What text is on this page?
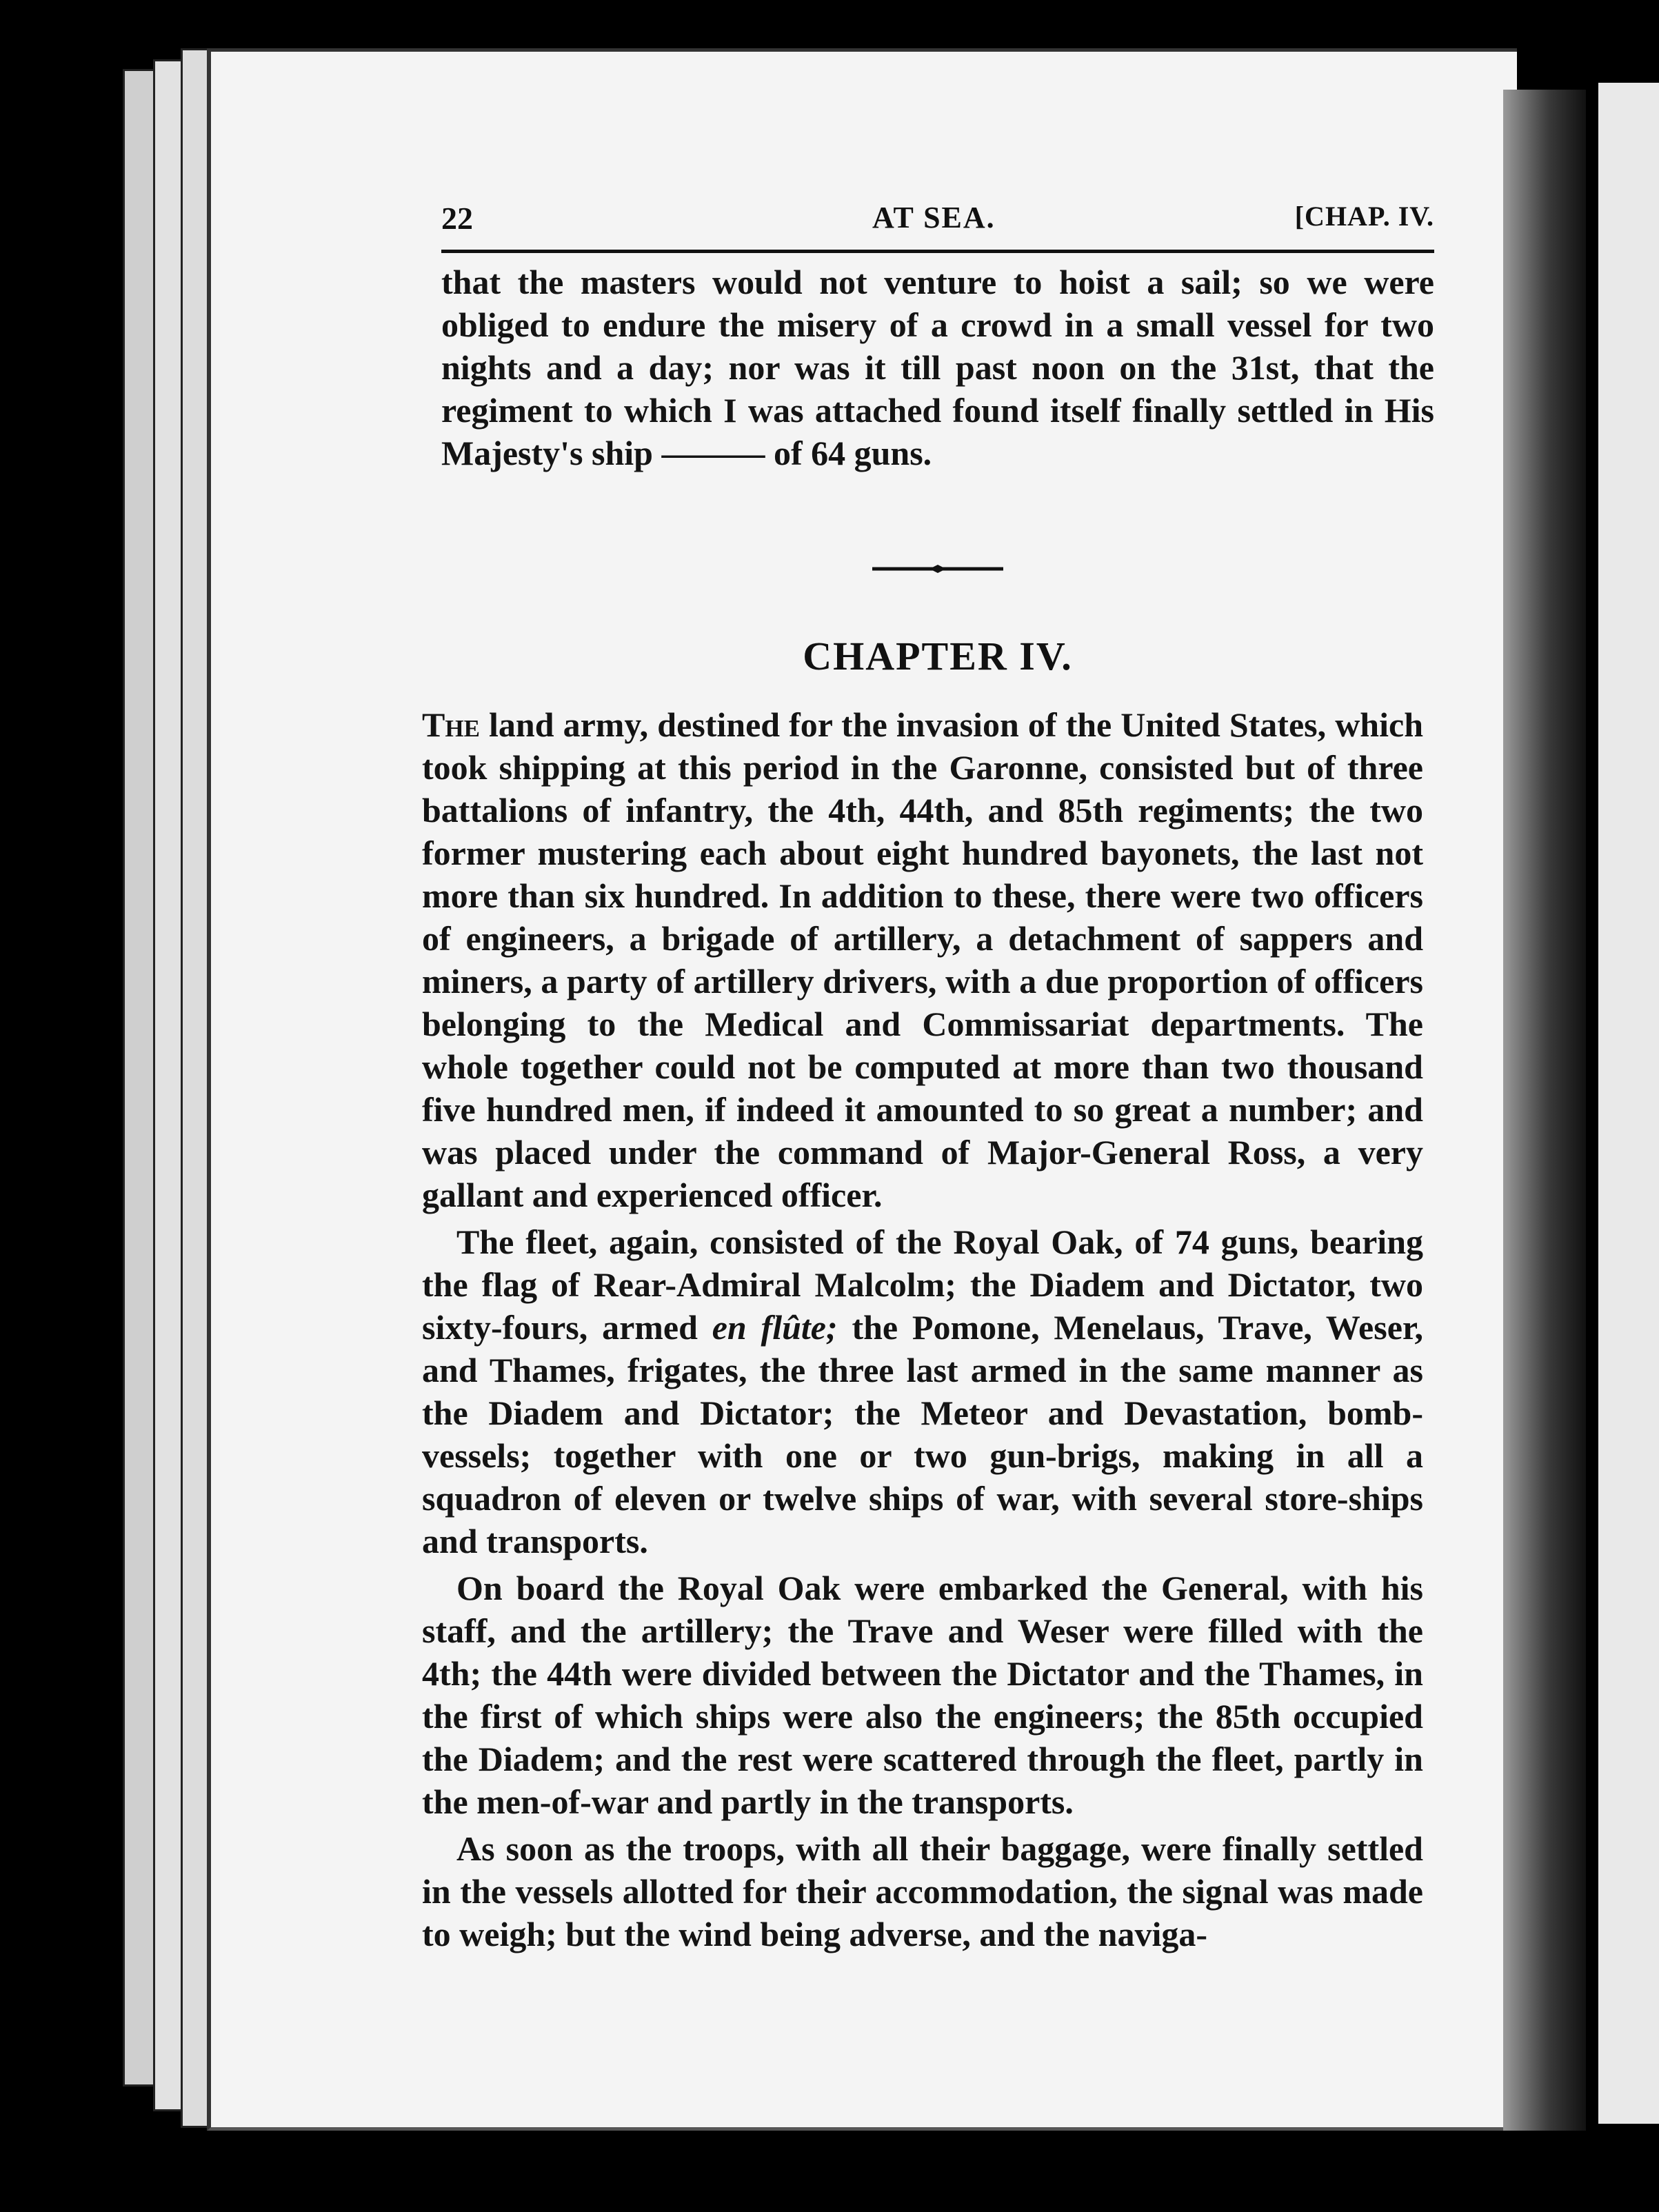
22	AT SEA.	[CHAP. IV.

that the masters would not venture to hoist a sail; so we were obliged to endure the misery of a crowd in a small vessel for two nights and a day; nor was it till past noon on the 31st, that the regiment to which I was attached found itself finally settled in His Majesty's ship ——— of 64 guns.

CHAPTER IV.

The land army, destined for the invasion of the United States, which took shipping at this period in the Garonne, consisted but of three battalions of infantry, the 4th, 44th, and 85th regiments; the two former mustering each about eight hundred bayonets, the last not more than six hundred. In addition to these, there were two officers of engineers, a brigade of artillery, a detachment of sappers and miners, a party of artillery drivers, with a due proportion of officers belonging to the Medical and Commissariat departments. The whole together could not be computed at more than two thousand five hundred men, if indeed it amounted to so great a number; and was placed under the command of Major-General Ross, a very gallant and experienced officer.

The fleet, again, consisted of the Royal Oak, of 74 guns, bearing the flag of Rear-Admiral Malcolm; the Diadem and Dictator, two sixty-fours, armed en flûte; the Pomone, Menelaus, Trave, Weser, and Thames, frigates, the three last armed in the same manner as the Diadem and Dictator; the Meteor and Devastation, bomb-vessels; together with one or two gun-brigs, making in all a squadron of eleven or twelve ships of war, with several store-ships and transports.

On board the Royal Oak were embarked the General, with his staff, and the artillery; the Trave and Weser were filled with the 4th; the 44th were divided between the Dictator and the Thames, in the first of which ships were also the engineers; the 85th occupied the Diadem; and the rest were scattered through the fleet, partly in the men-of-war and partly in the transports.

As soon as the troops, with all their baggage, were finally settled in the vessels allotted for their accommodation, the signal was made to weigh; but the wind being adverse, and the naviga-
